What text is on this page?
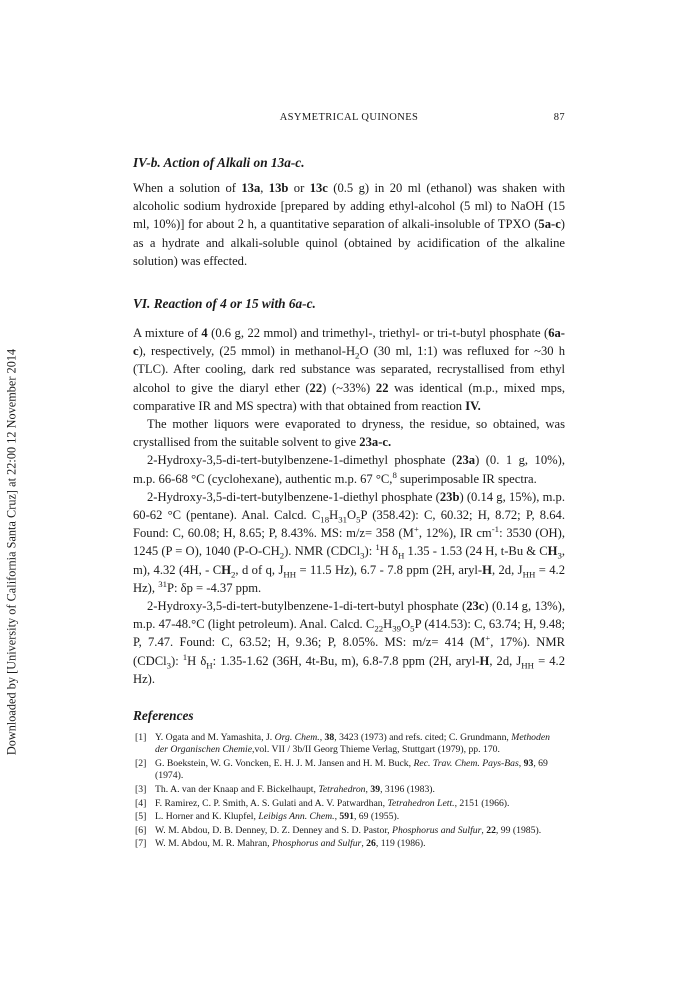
Downloaded by [University of California Santa Cruz] at 22:00 12 November 2014
ASYMETRICAL QUINONES	87
IV-b. Action of Alkali on 13a-c.

When a solution of 13a, 13b or 13c (0.5 g) in 20 ml (ethanol) was shaken with alcoholic sodium hydroxide [prepared by adding ethyl-alcohol (5 ml) to NaOH (15 ml, 10%)] for about 2 h, a quantitative separation of alkali-insoluble of TPXO (5a-c) as a hydrate and alkali-soluble quinol (obtained by acidification of the alkaline solution) was effected.

VI. Reaction of 4 or 15 with 6a-c.

A mixture of 4 (0.6 g, 22 mmol) and trimethyl-, triethyl- or tri-t-butyl phosphate (6a-c), respectively, (25 mmol) in methanol-$H_2O$ (30 ml, 1:1) was refluxed for ~30 h (TLC). After cooling, dark red substance was separated, recrystallised from ethyl alcohol to give the diaryl ether (22) (~33%) 22 was identical (m.p., mixed mps, comparative IR and MS spectra) with that obtained from reaction IV.

The mother liquors were evaporated to dryness, the residue, so obtained, was crystallised from the suitable solvent to give 23a-c.

2-Hydroxy-3,5-di-tert-butylbenzene-1-dimethyl phosphate (23a) (0. 1 g, 10%), m.p. 66-68 °C (cyclohexane), authentic m.p. 67 °C,$^8$ superimposable IR spectra.

2-Hydroxy-3,5-di-tert-butylbenzene-1-diethyl phosphate (23b) (0.14 g, 15%), m.p. 60-62 °C (pentane). Anal. Calcd. $C_{18}H_{31}O_5P$ (358.42): C, 60.32; H, 8.72; P, 8.64. Found: C, 60.08; H, 8.65; P, 8.43%. MS: m/z= 358 (M+, 12%), IR $cm^{-1}$: 3530 (OH), 1245 (P = O), 1040 $(P-O-CH_2)$. NMR (CDCl$_3$): $^1$H $\delta_H$ 1.35 - 1.53 (24 H, t-Bu & $CH_3$, m), 4.32 (4H, - $CH_2$, d of q, $J_{HH} = 11.5$ Hz), 6.7 - 7.8 ppm (2H, aryl-H, 2d, $J_{HH} = 4.2$ Hz), $^{31}$P: δp = -4.37 ppm.

2-Hydroxy-3,5-di-tert-butylbenzene-1-di-tert-butyl phosphate (23c) (0.14 g, 13%), m.p. 47-48.°C (light petroleum). Anal. Calcd. $C_{22}H_{39}O_5P$ (414.53): C, 63.74; H, 9.48; P, 7.47. Found: C, 63.52; H, 9.36; P, 8.05%. MS: m/z= 414 (M+, 17%). NMR (CDCl$_3$): $^1$H $\delta_H$: 1.35-1.62 (36H, 4t-Bu, m), 6.8-7.8 ppm (2H, aryl-H, 2d, $J_{HH} = 4.2$ Hz).

References
[1] Y. Ogata and M. Yamashita, J. Org. Chem., 38, 3423 (1973) and refs. cited; C. Grundmann, Methoden der Organischen Chemie,vol. VII / 3b/II Georg Thieme Verlag, Stuttgart (1979), pp. 170.
[2] G. Boekstein, W. G. Voncken, E. H. J. M. Jansen and H. M. Buck, Rec. Trav. Chem. Pays-Bas, 93, 69 (1974).
[3] Th. A. van der Knaap and F. Bickelhaupt, Tetrahedron, 39, 3196 (1983).
[4] F. Ramirez, C. P. Smith, A. S. Gulati and A. V. Patwardhan, Tetrahedron Lett., 2151 (1966).
[5] L. Horner and K. Klupfel, Leibigs Ann. Chem., 591, 69 (1955).
[6] W. M. Abdou, D. B. Denney, D. Z. Denney and S. D. Pastor, Phosphorus and Sulfur, 22, 99 (1985).
[7] W. M. Abdou, M. R. Mahran, Phosphorus and Sulfur, 26, 119 (1986).
